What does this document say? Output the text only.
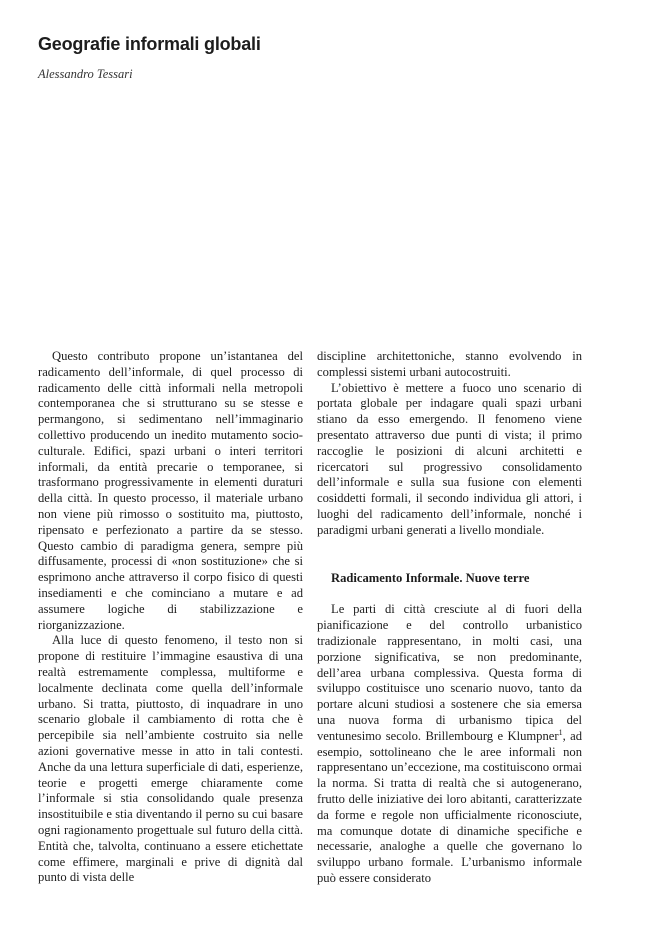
Geografie informali globali

Alessandro Tessari

Questo contributo propone un’istantanea del radicamento dell’informale, di quel processo di radicamento delle città informali nella metropoli contemporanea che si strutturano su se stesse e permangono, si sedimentano nell’immaginario collettivo producendo un inedito mutamento socio-culturale. Edifici, spazi urbani o interi territori informali, da entità precarie o temporanee, si trasformano progressivamente in elementi duraturi della città. In questo processo, il materiale urbano non viene più rimosso o sostituito ma, piuttosto, ripensato e perfezionato a partire da se stesso. Questo cambio di paradigma genera, sempre più diffusamente, processi di «non sostituzione» che si esprimono anche attraverso il corpo fisico di questi insediamenti e che cominciano a mutare e ad assumere logiche di stabilizzazione e riorganizzazione.

Alla luce di questo fenomeno, il testo non si propone di restituire l’immagine esaustiva di una realtà estremamente complessa, multiforme e localmente declinata come quella dell’informale urbano. Si tratta, piuttosto, di inquadrare in uno scenario globale il cambiamento di rotta che è percepibile sia nell’ambiente costruito sia nelle azioni governative messe in atto in tali contesti. Anche da una lettura superficiale di dati, esperienze, teorie e progetti emerge chiaramente come l’informale si stia consolidando quale presenza insostituibile e stia diventando il perno su cui basare ogni ragionamento progettuale sul futuro della città. Entità che, talvolta, continuano a essere etichettate come effimere, marginali e prive di dignità dal punto di vista delle

discipline architettoniche, stanno evolvendo in complessi sistemi urbani autocostruiti.

L’obiettivo è mettere a fuoco uno scenario di portata globale per indagare quali spazi urbani stiano da esso emergendo. Il fenomeno viene presentato attraverso due punti di vista; il primo raccoglie le posizioni di alcuni architetti e ricercatori sul progressivo consolidamento dell’informale e sulla sua fusione con elementi cosiddetti formali, il secondo individua gli attori, i luoghi del radicamento dell’informale, nonché i paradigmi urbani generati a livello mondiale.

Radicamento Informale. Nuove terre

Le parti di città cresciute al di fuori della pianificazione e del controllo urbanistico tradizionale rappresentano, in molti casi, una porzione significativa, se non predominante, dell’area urbana complessiva. Questa forma di sviluppo costituisce uno scenario nuovo, tanto da portare alcuni studiosi a sostenere che sia emersa una nuova forma di urbanismo tipica del ventunesimo secolo. Brillembourg e Klumpner$^1$, ad esempio, sottolineano che le aree informali non rappresentano un’eccezione, ma costituiscono ormai la norma. Si tratta di realtà che si autogenerano, frutto delle iniziative dei loro abitanti, caratterizzate da forme e regole non ufficialmente riconosciute, ma comunque dotate di dinamiche specifiche e necessarie, analoghe a quelle che governano lo sviluppo urbano formale. L’urbanismo informale può essere considerato
